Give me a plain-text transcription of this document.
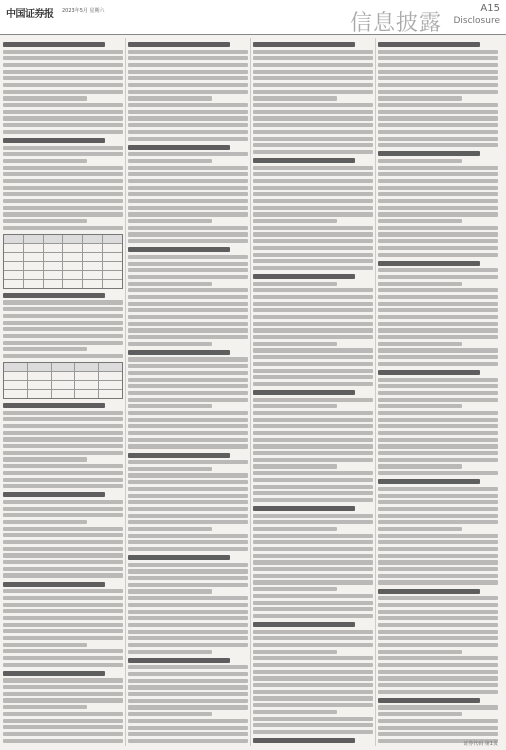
中国证券报 2023年5月 星期六	信息披露
A15
Disclosure
证券代码 第1页
